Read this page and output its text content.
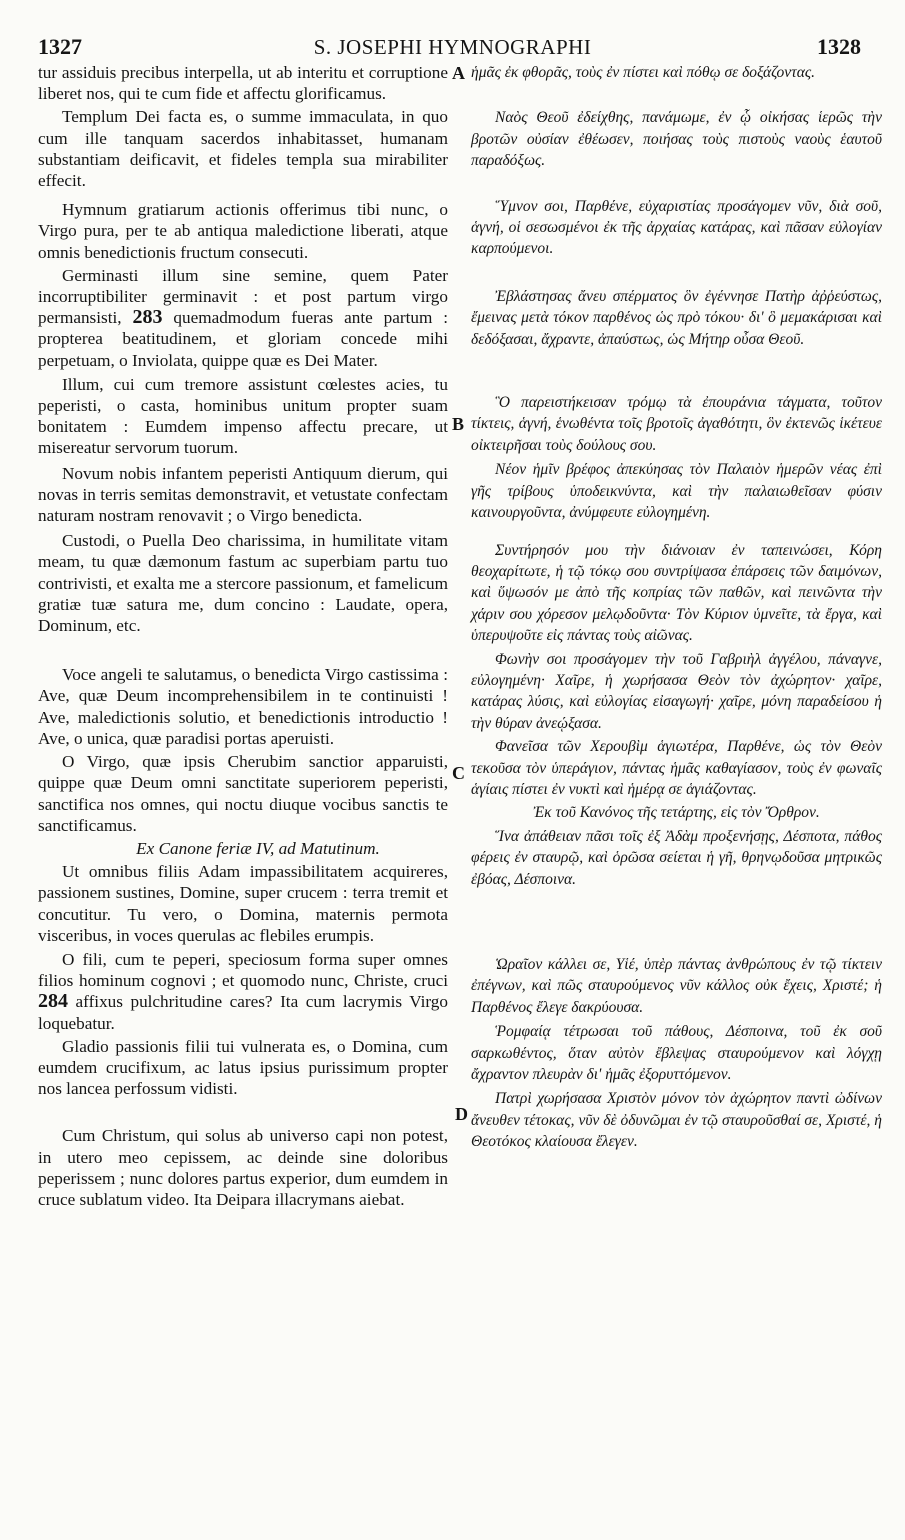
1327	S. JOSEPHI HYMNOGRAPHI	1328
A
B
C
D

tur assiduis precibus interpella, ut ab interitu et corruptione liberet nos, qui te cum fide et affectu glorificamus.

Templum Dei facta es, o summe immaculata, in quo cum ille tanquam sacerdos inhabitasset, humanam substantiam deificavit, et fideles templa sua mirabiliter effecit.

Hymnum gratiarum actionis offerimus tibi nunc, o Virgo pura, per te ab antiqua maledictione liberati, atque omnis benedictionis fructum consecuti.

Germinasti illum sine semine, quem Pater incorruptibiliter germinavit : et post partum virgo permansisti, 283 quemadmodum fueras ante partum : propterea beatitudinem, et gloriam concede mihi perpetuam, o Inviolata, quippe quæ es Dei Mater.

Illum, cui cum tremore assistunt cœlestes acies, tu peperisti, o casta, hominibus unitum propter suam bonitatem : Eumdem impenso affectu precare, ut misereatur servorum tuorum.

Novum nobis infantem peperisti Antiquum dierum, qui novas in terris semitas demonstravit, et vetustate confectam naturam nostram renovavit ; o Virgo benedicta.

Custodi, o Puella Deo charissima, in humilitate vitam meam, tu quæ dæmonum fastum ac superbiam partu tuo contrivisti, et exalta me a stercore passionum, et famelicum gratiæ tuæ satura me, dum concino : Laudate, opera, Dominum, etc.

Voce angeli te salutamus, o benedicta Virgo castissima : Ave, quæ Deum incomprehensibilem in te continuisti ! Ave, maledictionis solutio, et benedictionis introductio ! Ave, o unica, quæ paradisi portas aperuisti.

O Virgo, quæ ipsis Cherubim sanctior apparuisti, quippe quæ Deum omni sanctitate superiorem peperisti, sanctifica nos omnes, qui noctu diuque vocibus sanctis te sanctificamus.

Ex Canone feriæ IV, ad Matutinum.

Ut omnibus filiis Adam impassibilitatem acquireres, passionem sustines, Domine, super crucem : terra tremit et concutitur. Tu vero, o Domina, maternis permota visceribus, in voces querulas ac flebiles erumpis.

O fili, cum te peperi, speciosum forma super omnes filios hominum cognovi ; et quomodo nunc, Christe, cruci 284 affixus pulchritudine cares? Ita cum lacrymis Virgo loquebatur.

Gladio passionis filii tui vulnerata es, o Domina, cum eumdem crucifixum, ac latus ipsius purissimum propter nos lancea perfossum vidisti.

Cum Christum, qui solus ab universo capi non potest, in utero meo cepissem, ac deinde sine doloribus peperissem ; nunc dolores partus experior, dum eumdem in cruce sublatum video. Ita Deipara illacrymans aiebat.

ἡμᾶς ἐκ φθορᾶς, τοὺς ἐν πίστει καὶ πόθῳ σε δοξάζοντας.

Ναὸς Θεοῦ ἐδείχθης, πανάμωμε, ἐν ᾧ οἰκήσας ἱερῶς τὴν βροτῶν οὐσίαν ἐθέωσεν, ποιήσας τοὺς πιστοὺς ναοὺς ἑαυτοῦ παραδόξως.

Ὕμνον σοι, Παρθένε, εὐχαριστίας προσάγομεν νῦν, διὰ σοῦ, ἁγνή, οἱ σεσωσμένοι ἐκ τῆς ἀρχαίας κατάρας, καὶ πᾶσαν εὐλογίαν καρπούμενοι.

Ἐβλάστησας ἄνευ σπέρματος ὃν ἐγέννησε Πατὴρ ἀῤῥεύστως, ἔμεινας μετὰ τόκον παρθένος ὡς πρὸ τόκου· δι' ὃ μεμακάρισαι καὶ δεδόξασαι, ἄχραντε, ἀπαύστως, ὡς Μήτηρ οὖσα Θεοῦ.

Ὃ παρειστήκεισαν τρόμῳ τὰ ἐπουράνια τάγματα, τοῦτον τίκτεις, ἁγνή, ἑνωθέντα τοῖς βροτοῖς ἀγαθότητι, ὃν ἐκτενῶς ἱκέτευε οἰκτειρῆσαι τοὺς δούλους σου.

Νέον ἡμῖν βρέφος ἀπεκύησας τὸν Παλαιὸν ἡμερῶν νέας ἐπὶ γῆς τρίβους ὑποδεικνύντα, καὶ τὴν παλαιωθεῖσαν φύσιν καινουργοῦντα, ἀνύμφευτε εὐλογημένη.

Συντήρησόν μου τὴν διάνοιαν ἐν ταπεινώσει, Κόρη θεοχαρίτωτε, ἡ τῷ τόκῳ σου συντρίψασα ἐπάρσεις τῶν δαιμόνων, καὶ ὕψωσόν με ἀπὸ τῆς κοπρίας τῶν παθῶν, καὶ πεινῶντα τὴν χάριν σου χόρεσον μελῳδοῦντα· Τὸν Κύριον ὑμνεῖτε, τὰ ἔργα, καὶ ὑπερυψοῦτε εἰς πάντας τοὺς αἰῶνας.

Φωνὴν σοι προσάγομεν τὴν τοῦ Γαβριὴλ ἀγγέλου, πάναγνε, εὐλογημένη· Χαῖρε, ἡ χωρήσασα Θεὸν τὸν ἀχώρητον· χαῖρε, κατάρας λύσις, καὶ εὐλογίας εἰσαγωγή· χαῖρε, μόνη παραδείσου ἡ τὴν θύραν ἀνεῴξασα.

Φανεῖσα τῶν Χερουβὶμ ἁγιωτέρα, Παρθένε, ὡς τὸν Θεὸν τεκοῦσα τὸν ὑπεράγιον, πάντας ἡμᾶς καθαγίασον, τοὺς ἐν φωναῖς ἁγίαις πίστει ἐν νυκτὶ καὶ ἡμέρᾳ σε ἁγιάζοντας.

Ἐκ τοῦ Κανόνος τῆς τετάρτης, εἰς τὸν Ὄρθρον.

Ἵνα ἀπάθειαν πᾶσι τοῖς ἐξ Ἀδὰμ προξενήσῃς, Δέσποτα, πάθος φέρεις ἐν σταυρῷ, καὶ ὁρῶσα σείεται ἡ γῆ, θρηνῳδοῦσα μητρικῶς ἐβόας, Δέσποινα.

Ὡραῖον κάλλει σε, Υἱέ, ὑπὲρ πάντας ἀνθρώπους ἐν τῷ τίκτειν ἐπέγνων, καὶ πῶς σταυρούμενος νῦν κάλλος οὐκ ἔχεις, Χριστέ; ἡ Παρθένος ἔλεγε δακρύουσα.

Ῥομφαίᾳ τέτρωσαι τοῦ πάθους, Δέσποινα, τοῦ ἐκ σοῦ σαρκωθέντος, ὅταν αὐτὸν ἔβλεψας σταυρούμενον καὶ λόγχῃ ἄχραντον πλευρὰν δι' ἡμᾶς ἐξορυττόμενον.

Πατρὶ χωρήσασα Χριστὸν μόνον τὸν ἀχώρητον παντὶ ὠδίνων ἄνευθεν τέτοκας, νῦν δὲ ὀδυνῶμαι ἐν τῷ σταυροῦσθαί σε, Χριστέ, ἡ Θεοτόκος κλαίουσα ἔλεγεν.
